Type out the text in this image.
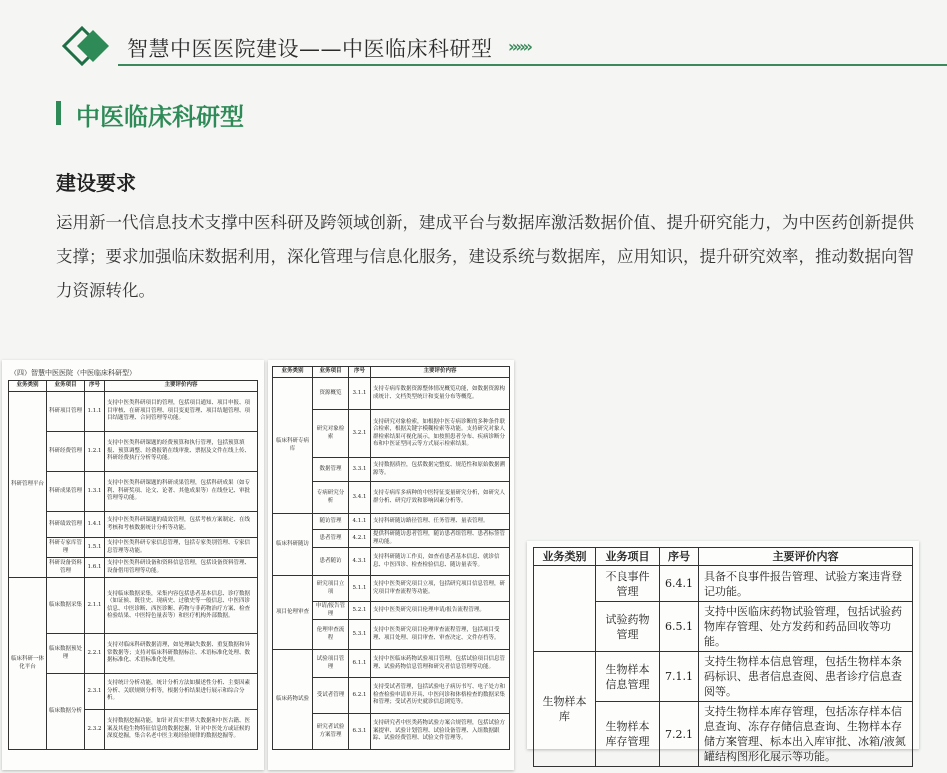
智慧中医医院建设——中医临床科研型 »»»
中医临床科研型
建设要求
运用新一代信息技术支撑中医科研及跨领域创新，建成平台与数据库激活数据价值、提升研究能力，为中医药创新提供支撑；要求加强临床数据利用，深化管理与信息化服务，建设系统与数据库，应用知识，提升研究效率，推动数据向智力资源转化。
（四）智慧中医医院（中医临床科研型）
业务类别	业务项目	序号	主要评价内容
科研管理平台	科研项目管理	1.1.1	支持中医类科研项目的管理，包括项目通知、项目申报、项目审核、在研项目管理、项目变更管理、项目结题管理、项目结题管理、合同管理等功能。
	科研经费管理	1.2.1	支持中医类科研课题的经费预算和执行管理，包括预算填报、预算调整、经费报销在线审批、票据及文件在线上传、科研经费执行分析等功能。
	科研成果管理	1.3.1	支持中医类科研课题的科研成果管理，包括科研成果（如专利、科研奖项、论文、论著、其他成果等）在线登记、审批管理等功能。
	科研绩效管理	1.4.1	支持中医类科研课题的绩效管理，包括考核方案制定、在线考核和考核数据统计分析等功能。
	科研专家库管理	1.5.1	支持中医类科研专家信息管理，包括专家类别管理、专家信息管理等功能。
	科研设备资料管理	1.6.1	支持中医类科研设备和资料信息管理，包括设备资料管理、设备借用管理等功能。
临床科研一体化平台	临床数据采集	2.1.1	支持临床数据采集，采集内容包括患者基本信息、诊疗数据（如证候、既往史、现病史、过敏史等一般信息、中医四诊信息、中医诊断、西医诊断、药物与非药物治疗方案、检查检验结果、中医特色量表等）和医疗机构外部数据。
	临床数据预处理	2.2.1	支持对临床科研数据清理，如处理缺失数据、重复数据和异常数据等；支持对临床科研数据标注、术语标准化处理、数据标准化、术语标准化处理。
	临床数据分析	2.3.1	支持统计分析功能，统计分析方法如描述性分析、主要因素分析、关联规则分析等，根据分析结果进行展示和综合分析。
		2.3.2	支持数据挖掘功能，如针对真实世界大数据和中医古籍、医案及其他生物特征信息的数据挖掘，针对中医处方或证候的深度挖掘，集合名老中医主观经验规律的数据挖掘等。
业务类别	业务项目	序号	主要评价内容
临床科研专病库	资源概览	3.1.1	支持专病库数据资源整体情况概览功能，如数据资源构成统计、文档类型统计和变量分布等概览。
	研究对象检索	3.2.1	支持研究对象检索，如根据中医专病诊断的多种条件联合检索，根据关键字模糊检索等功能。支持研究对象人群检索结果可视化展示，如按照患者分布、疾病诊断分布和中医证型同云等方式展示检索结果。
	数据管理	3.3.1	支持数据质控，包括数据完整度、规范性和原始数据溯源等。
	专病研究分析	3.4.1	支持专病库多病种的中医特征变量研究分析，如研究人群分析、研究疗效和影响因素分析等。
临床科研随访	随访管理	4.1.1	支持科研随访路径管理、任务管理、量表管理。
	患者管理	4.2.1	提供科研随访患者管理，随访患者组管理、患者标签管理功能。
	患者随访	4.3.1	支持科研随访工作页，如查看患者基本信息、就诊信息、中医四诊、检查检验信息、随访量表等。
项目伦理审查	研究项目立项	5.1.1	支持中医类研究项目立项，包括研究项目信息管理，研究项目审查流程等功能。
	申请/报告管理	5.2.1	支持中医类研究项目伦理申请/报告流程管理。
	伦理审查流程	5.3.1	支持中医类研究项目伦理审查流程管理，包括项目受理、项目处理、项目审查、审查决定、文件存档等。
临床药物试验	试验项目管理	6.1.1	支持中医临床药物试验项目管理，包括试验项目信息管理、试验药物信息管理和研究者信息管理等功能。
	受试者管理	6.2.1	支持受试者管理，包括试验电子病历书写、电子处方和检查检验申请单开具、中医问诊和体格检查的数据采集和管理；受试者历史就诊信息浏览等。
	研究者试验方案管理	6.3.1	支持研究者中医类药物试验方案合规管理，包括试验方案提审、试验计划管理、试验设备管理、入组数据跟踪、试验经费管理、试验文件管理等。
业务类别	业务项目	序号	主要评价内容
	不良事件管理	6.4.1	具备不良事件报告管理、试验方案违背登记功能。
	试验药物管理	6.5.1	支持中医临床药物试验管理，包括试验药物库存管理、处方发药和药品回收等功能。
生物样本库	生物样本信息管理	7.1.1	支持生物样本信息管理，包括生物样本条码标识、患者信息查阅、患者诊疗信息查阅等。
	生物样本库存管理	7.2.1	支持生物样本库存管理，包括冻存样本信息查询、冻存存储信息查询、生物样本存储方案管理、标本出入库审批、冰箱/液氮罐结构图形化展示等功能。
